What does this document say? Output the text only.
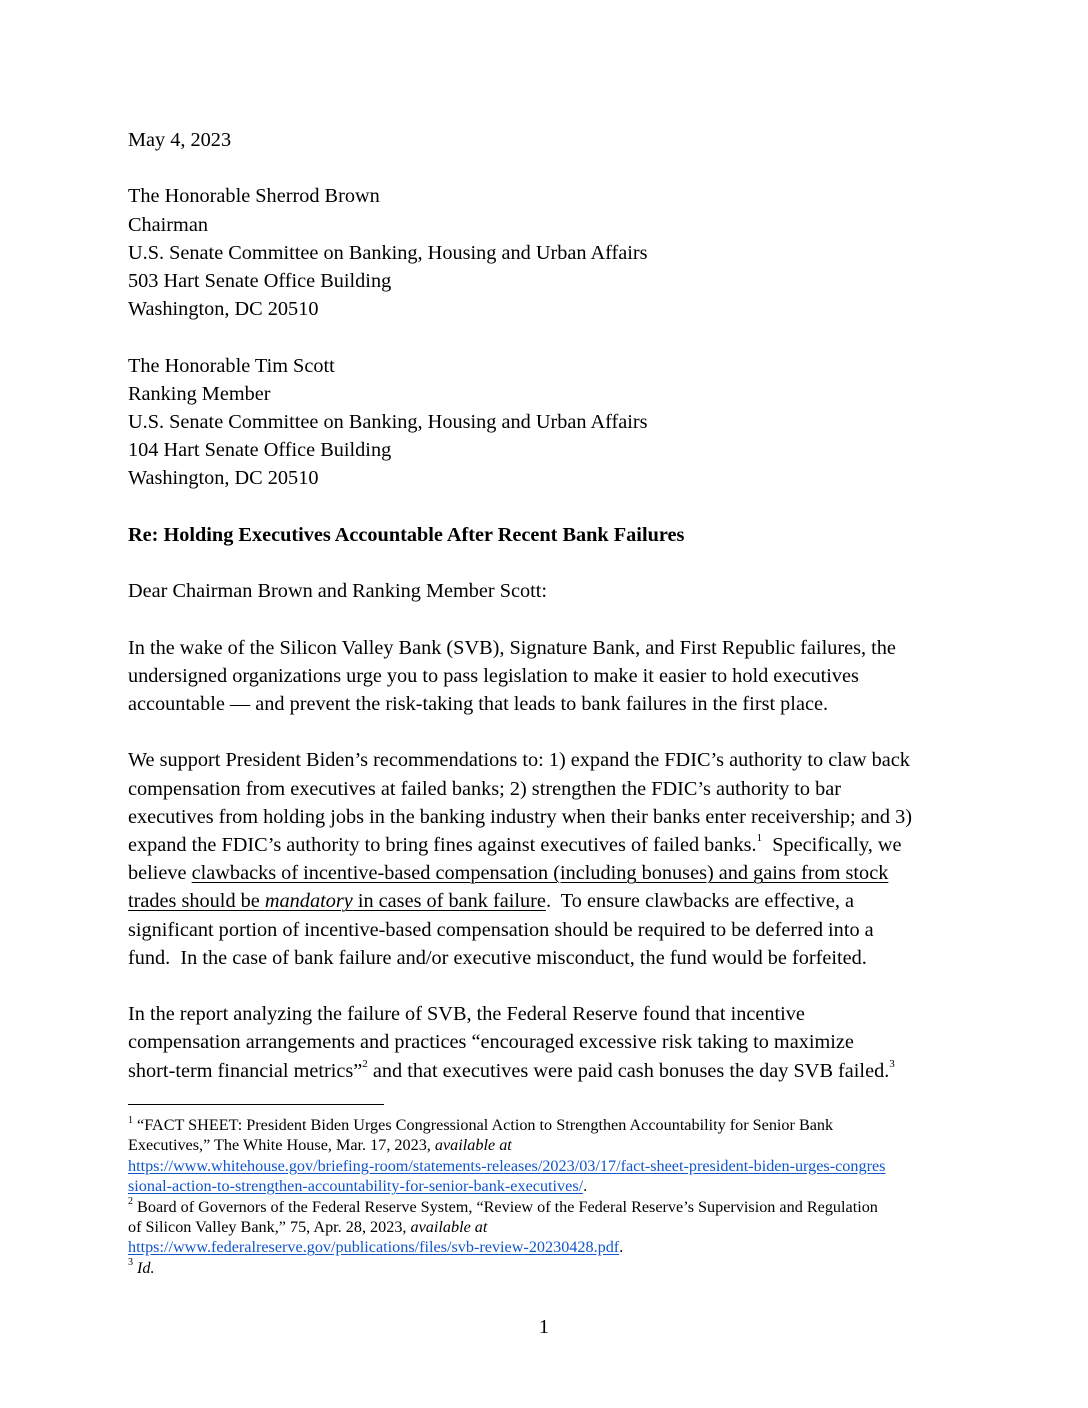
May 4, 2023

The Honorable Sherrod Brown
Chairman
U.S. Senate Committee on Banking, Housing and Urban Affairs
503 Hart Senate Office Building
Washington, DC 20510
The Honorable Tim Scott
Ranking Member
U.S. Senate Committee on Banking, Housing and Urban Affairs
104 Hart Senate Office Building
Washington, DC 20510

Re: Holding Executives Accountable After Recent Bank Failures

Dear Chairman Brown and Ranking Member Scott:

In the wake of the Silicon Valley Bank (SVB), Signature Bank, and First Republic failures, the
undersigned organizations urge you to pass legislation to make it easier to hold executives
accountable — and prevent the risk-taking that leads to bank failures in the first place.
We support President Biden’s recommendations to: 1) expand the FDIC’s authority to claw back
compensation from executives at failed banks; 2) strengthen the FDIC’s authority to bar
executives from holding jobs in the banking industry when their banks enter receivership; and 3)
expand the FDIC’s authority to bring fines against executives of failed banks.$^1$  Specifically, we
believe clawbacks of incentive-based compensation (including bonuses) and gains from stock
trades should be mandatory in cases of bank failure.  To ensure clawbacks are effective, a
significant portion of incentive-based compensation should be required to be deferred into a
fund.  In the case of bank failure and/or executive misconduct, the fund would be forfeited.
In the report analyzing the failure of SVB, the Federal Reserve found that incentive
compensation arrangements and practices “encouraged excessive risk taking to maximize
short-term financial metrics”$^2$ and that executives were paid cash bonuses the day SVB failed.$^3$
$^1$ “FACT SHEET: President Biden Urges Congressional Action to Strengthen Accountability for Senior Bank
Executives,” The White House, Mar. 17, 2023, available at
https://www.whitehouse.gov/briefing-room/statements-releases/2023/03/17/fact-sheet-president-biden-urges-congres
sional-action-to-strengthen-accountability-for-senior-bank-executives/.
$^2$ Board of Governors of the Federal Reserve System, “Review of the Federal Reserve’s Supervision and Regulation
of Silicon Valley Bank,” 75, Apr. 28, 2023, available at
https://www.federalreserve.gov/publications/files/svb-review-20230428.pdf.
$^3$ Id.
1
